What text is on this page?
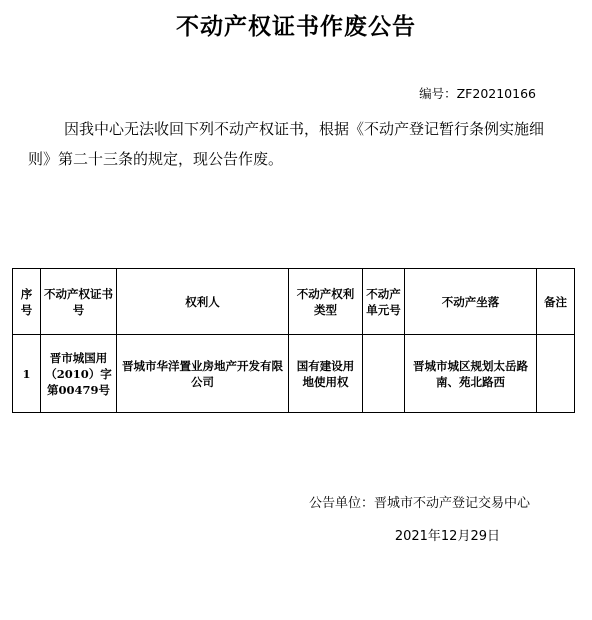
不动产权证书作废公告
编号：ZF20210166
因我中心无法收回下列不动产权证书，根据《不动产登记暂行条例实施细则》第二十三条的规定，现公告作废。
序号	不动产权证书号	权利人	不动产权利类型	不动产单元号	不动产坐落	备注
1	晋市城国用（2010）字第00479号	晋城市华洋置业房地产开发有限公司	国有建设用地使用权		晋城市城区规划太岳路南、苑北路西	
公告单位：晋城市不动产登记交易中心
2021年12月29日
